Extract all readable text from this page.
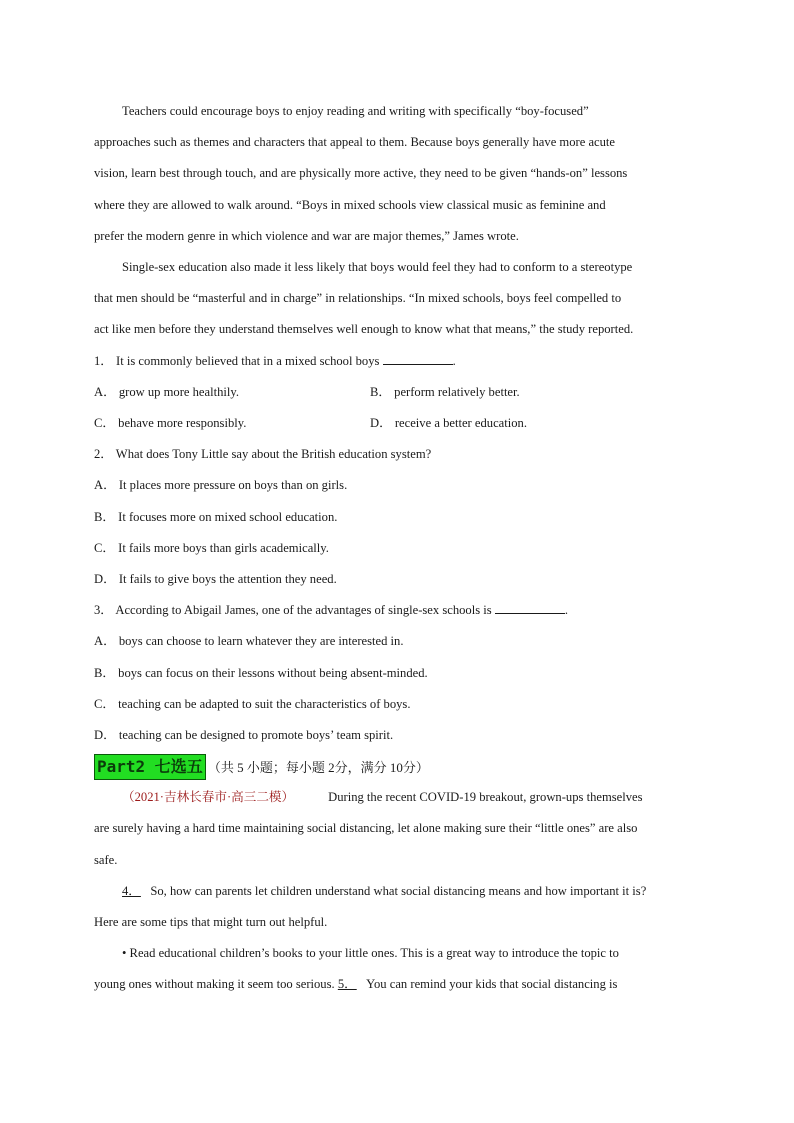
Teachers could encourage boys to enjoy reading and writing with specifically “boy-focused”
approaches such as themes and characters that appeal to them. Because boys generally have more acute
vision, learn best through touch, and are physically more active, they need to be given “hands-on” lessons
where they are allowed to walk around. “Boys in mixed schools view classical music as feminine and
prefer the modern genre in which violence and war are major themes,” James wrote.
Single-sex education also made it less likely that boys would feel they had to conform to a stereotype
that men should be “masterful and in charge” in relationships. “In mixed schools, boys feel compelled to
act like men before they understand themselves well enough to know what that means,” the study reported.
1． It is commonly believed that in a mixed school boys	.
A． grow up more healthily.	B． perform relatively better.
C． behave more responsibly.	D． receive a better education.
2． What does Tony Little say about the British education system?
A． It places more pressure on boys than on girls.
B． It focuses more on mixed school education.
C． It fails more boys than girls academically.
D． It fails to give boys the attention they need.
3． According to Abigail James, one of the advantages of single-sex schools is	.
A． boys can choose to learn whatever they are interested in.
B． boys can focus on their lessons without being absent-minded.
C． teaching can be adapted to suit the characteristics of boys.
D． teaching can be designed to promote boys’ team spirit.
Part2 七选五 （共 5 小题；每小题 2分，满分 10分）
（2021·吉林长春市·高三二模）	During the recent COVID-19 breakout, grown-ups themselves
are surely having a hard time maintaining social distancing, let alone making sure their “little ones” are also
safe.
4． So, how can parents let children understand what social distancing means and how important it is?
Here are some tips that might turn out helpful.
• Read educational children’s books to your little ones. This is a great way to introduce the topic to
young ones without making it seem too serious. 5． You can remind your kids that social distancing is
